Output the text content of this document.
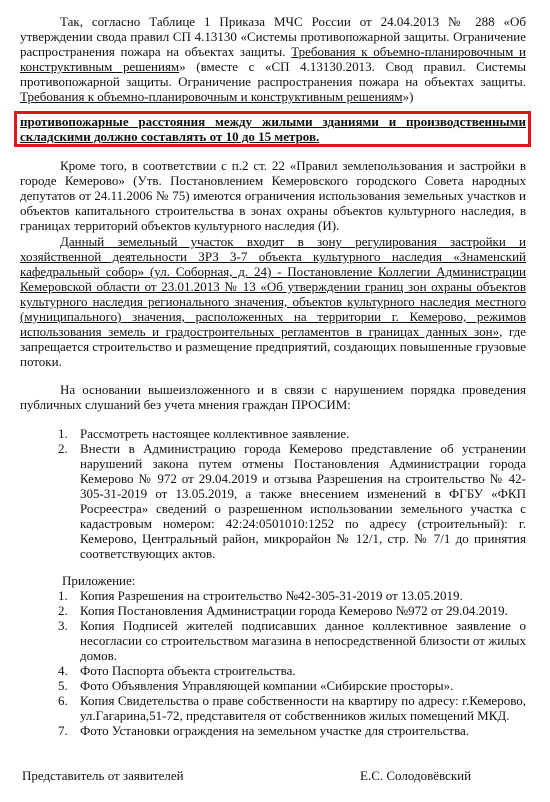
Так, согласно Таблице 1 Приказа МЧС России от 24.04.2013 № 288 «Об утверждении свода правил СП 4.13130 «Системы противопожарной защиты. Ограничение распространения пожара на объектах защиты. Требования к объемно-планировочным и конструктивным решениям» (вместе с «СП 4.13130.2013. Свод правил. Системы противопожарной защиты. Ограничение распространения пожара на объектах защиты. Требования к объемно-планировочным и конструктивным решениям»)

противопожарные расстояния между жилыми зданиями и производственными складскими должно составлять от 10 до 15 метров.

Кроме того, в соответствии с п.2 ст. 22 «Правил землепользования и застройки в городе Кемерово» (Утв. Постановлением Кемеровского городского Совета народных депутатов от 24.11.2006 № 75) имеются ограничения использования земельных участков и объектов капитального строительства в зонах охраны объектов культурного наследия, в границах территорий объектов культурного наследия (И).

Данный земельный участок входит в зону регулирования застройки и хозяйственной деятельности ЗРЗ 3-7 объекта культурного наследия «Знаменский кафедральный собор» (ул. Соборная, д. 24) - Постановление Коллегии Администрации Кемеровской области от 23.01.2013 № 13 «Об утверждении границ зон охраны объектов культурного наследия регионального значения, объектов культурного наследия местного (муниципального) значения, расположенных на территории г. Кемерово, режимов использования земель и градостроительных регламентов в границах данных зон», где запрещается строительство и размещение предприятий, создающих повышенные грузовые потоки.

На основании вышеизложенного и в связи с нарушением порядка проведения публичных слушаний без учета мнения граждан ПРОСИМ:

1. Рассмотреть настоящее коллективное заявление.
2. Внести в Администрацию города Кемерово представление об устранении нарушений закона путем отмены Постановления Администрации города Кемерово № 972 от 29.04.2019 и отзыва Разрешения на строительство № 42-305-31-2019 от 13.05.2019, а также внесением изменений в ФГБУ «ФКП Росреестра» сведений о разрешенном использовании земельного участка с кадастровым номером: 42:24:0501010:1252 по адресу (строительный): г. Кемерово, Центральный район, микрорайон № 12/1, стр. № 7/1 до принятия соответствующих актов.
Приложение:
1. Копия Разрешения на строительство №42-305-31-2019 от 13.05.2019.
2. Копия Постановления Администрации города Кемерово №972 от 29.04.2019.
3. Копия Подписей жителей подписавших данное коллективное заявление о несогласии со строительством магазина в непосредственной близости от жилых домов.
4. Фото Паспорта объекта строительства.
5. Фото Объявления Управляющей компании «Сибирские просторы».
6. Копия Свидетельства о праве собственности на квартиру по адресу: г.Кемерово, ул.Гагарина,51-72, представителя от собственников жилых помещений МКД.
7. Фото Установки ограждения на земельном участке для строительства.
Представитель от заявителей	Е.С. Солодовёвский
